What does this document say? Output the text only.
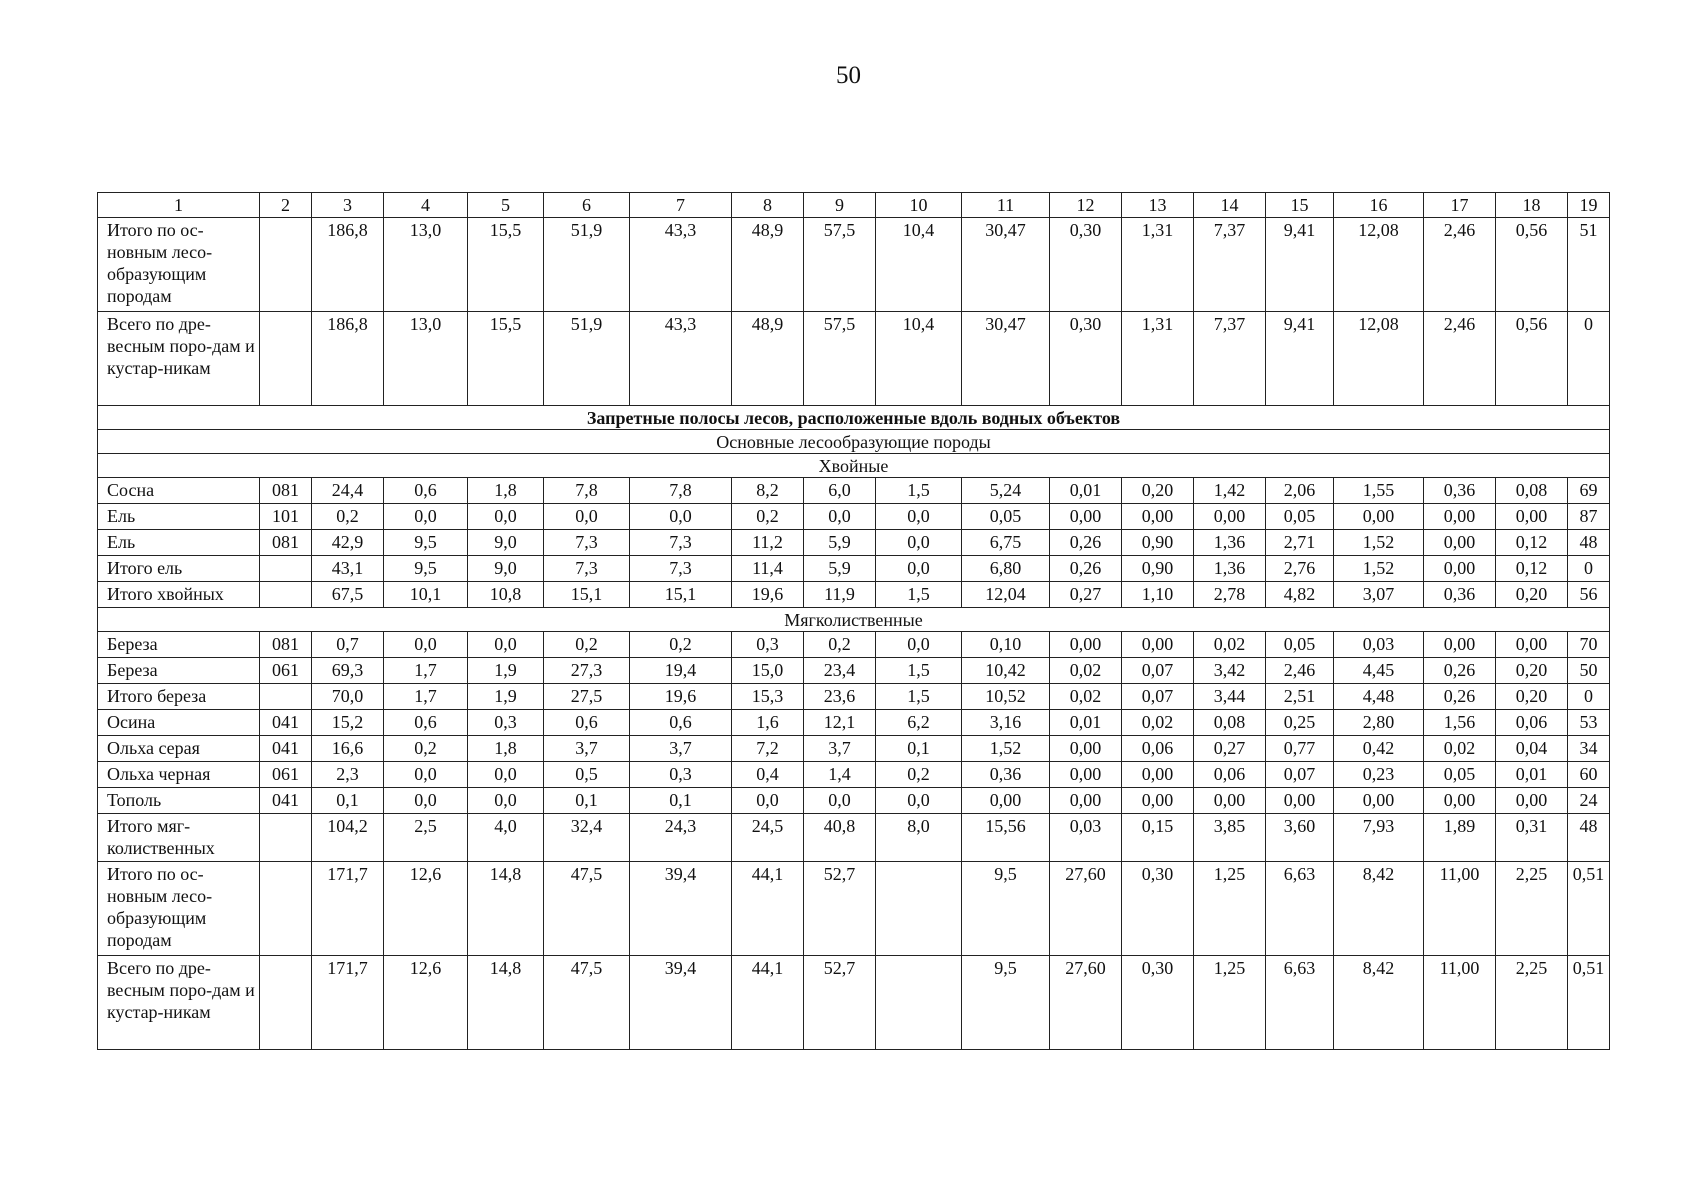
50
1	2	3	4	5	6	7	8	9	10	11	12	13	14	15	16	17	18	19
Итого по ос-новным лесо-образующим породам		186,8	13,0	15,5	51,9	43,3	48,9	57,5	10,4	30,47	0,30	1,31	7,37	9,41	12,08	2,46	0,56	51
Всего по дре-весным поро-дам и кустар-никам		186,8	13,0	15,5	51,9	43,3	48,9	57,5	10,4	30,47	0,30	1,31	7,37	9,41	12,08	2,46	0,56	0
Запретные полосы лесов, расположенные вдоль водных объектов																		
Основные лесообразующие породы																		
Хвойные																		
Сосна	081	24,4	0,6	1,8	7,8	7,8	8,2	6,0	1,5	5,24	0,01	0,20	1,42	2,06	1,55	0,36	0,08	69
Ель	101	0,2	0,0	0,0	0,0	0,0	0,2	0,0	0,0	0,05	0,00	0,00	0,00	0,05	0,00	0,00	0,00	87
Ель	081	42,9	9,5	9,0	7,3	7,3	11,2	5,9	0,0	6,75	0,26	0,90	1,36	2,71	1,52	0,00	0,12	48
Итого ель		43,1	9,5	9,0	7,3	7,3	11,4	5,9	0,0	6,80	0,26	0,90	1,36	2,76	1,52	0,00	0,12	0
Итого хвойных		67,5	10,1	10,8	15,1	15,1	19,6	11,9	1,5	12,04	0,27	1,10	2,78	4,82	3,07	0,36	0,20	56
Мягколиственные																		
Береза	081	0,7	0,0	0,0	0,2	0,2	0,3	0,2	0,0	0,10	0,00	0,00	0,02	0,05	0,03	0,00	0,00	70
Береза	061	69,3	1,7	1,9	27,3	19,4	15,0	23,4	1,5	10,42	0,02	0,07	3,42	2,46	4,45	0,26	0,20	50
Итого береза		70,0	1,7	1,9	27,5	19,6	15,3	23,6	1,5	10,52	0,02	0,07	3,44	2,51	4,48	0,26	0,20	0
Осина	041	15,2	0,6	0,3	0,6	0,6	1,6	12,1	6,2	3,16	0,01	0,02	0,08	0,25	2,80	1,56	0,06	53
Ольха серая	041	16,6	0,2	1,8	3,7	3,7	7,2	3,7	0,1	1,52	0,00	0,06	0,27	0,77	0,42	0,02	0,04	34
Ольха черная	061	2,3	0,0	0,0	0,5	0,3	0,4	1,4	0,2	0,36	0,00	0,00	0,06	0,07	0,23	0,05	0,01	60
Тополь	041	0,1	0,0	0,0	0,1	0,1	0,0	0,0	0,0	0,00	0,00	0,00	0,00	0,00	0,00	0,00	0,00	24
Итого мяг-колиственных		104,2	2,5	4,0	32,4	24,3	24,5	40,8	8,0	15,56	0,03	0,15	3,85	3,60	7,93	1,89	0,31	48
Итого по ос-новным лесо-образующим породам		171,7	12,6	14,8	47,5	39,4	44,1	52,7		9,5	27,60	0,30	1,25	6,63	8,42	11,00	2,25	0,51
Всего по дре-весным поро-дам и кустар-никам		171,7	12,6	14,8	47,5	39,4	44,1	52,7		9,5	27,60	0,30	1,25	6,63	8,42	11,00	2,25	0,51
